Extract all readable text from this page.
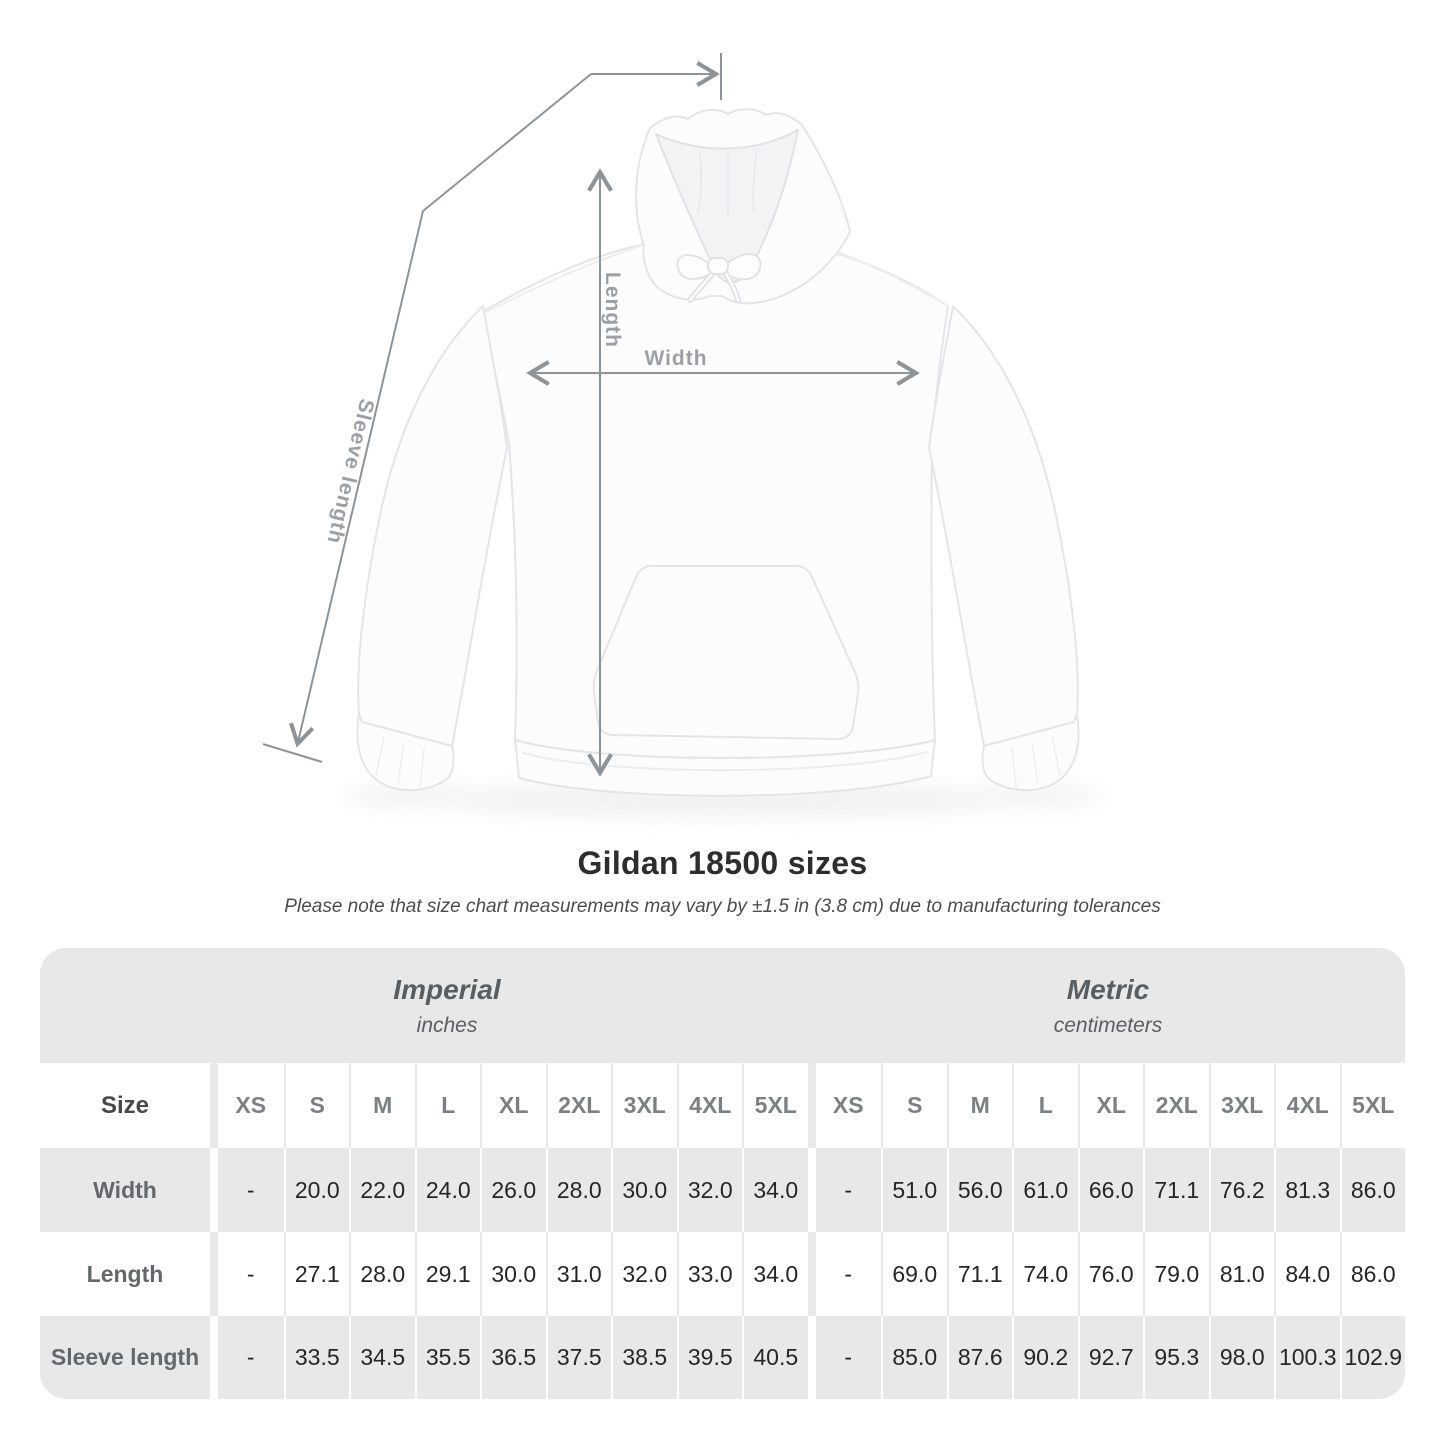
Length
Width
Sleeve length
Gildan 18500 sizes
Please note that size chart measurements may vary by ±1.5 in (3.8 cm) due to manufacturing tolerances
Imperial
inches
Metric
centimeters
Size	XS	S	M	L	XL	2XL	3XL	4XL	5XL	XS	S	M	L	XL	2XL	3XL	4XL	5XL
Width	-	20.0 22.0 24.0 26.0 28.0 30.0 32.0 34.0	-	51.0 56.0 61.0 66.0 71.1 76.2 81.3 86.0
Length	-	27.1 28.0 29.1 30.0 31.0 32.0 33.0 34.0	-	69.0 71.1 74.0 76.0 79.0 81.0 84.0 86.0
Sleeve length	-	33.5 34.5 35.5 36.5 37.5 38.5 39.5 40.5	-	85.0 87.6 90.2 92.7 95.3 98.0 100.3 102.9
